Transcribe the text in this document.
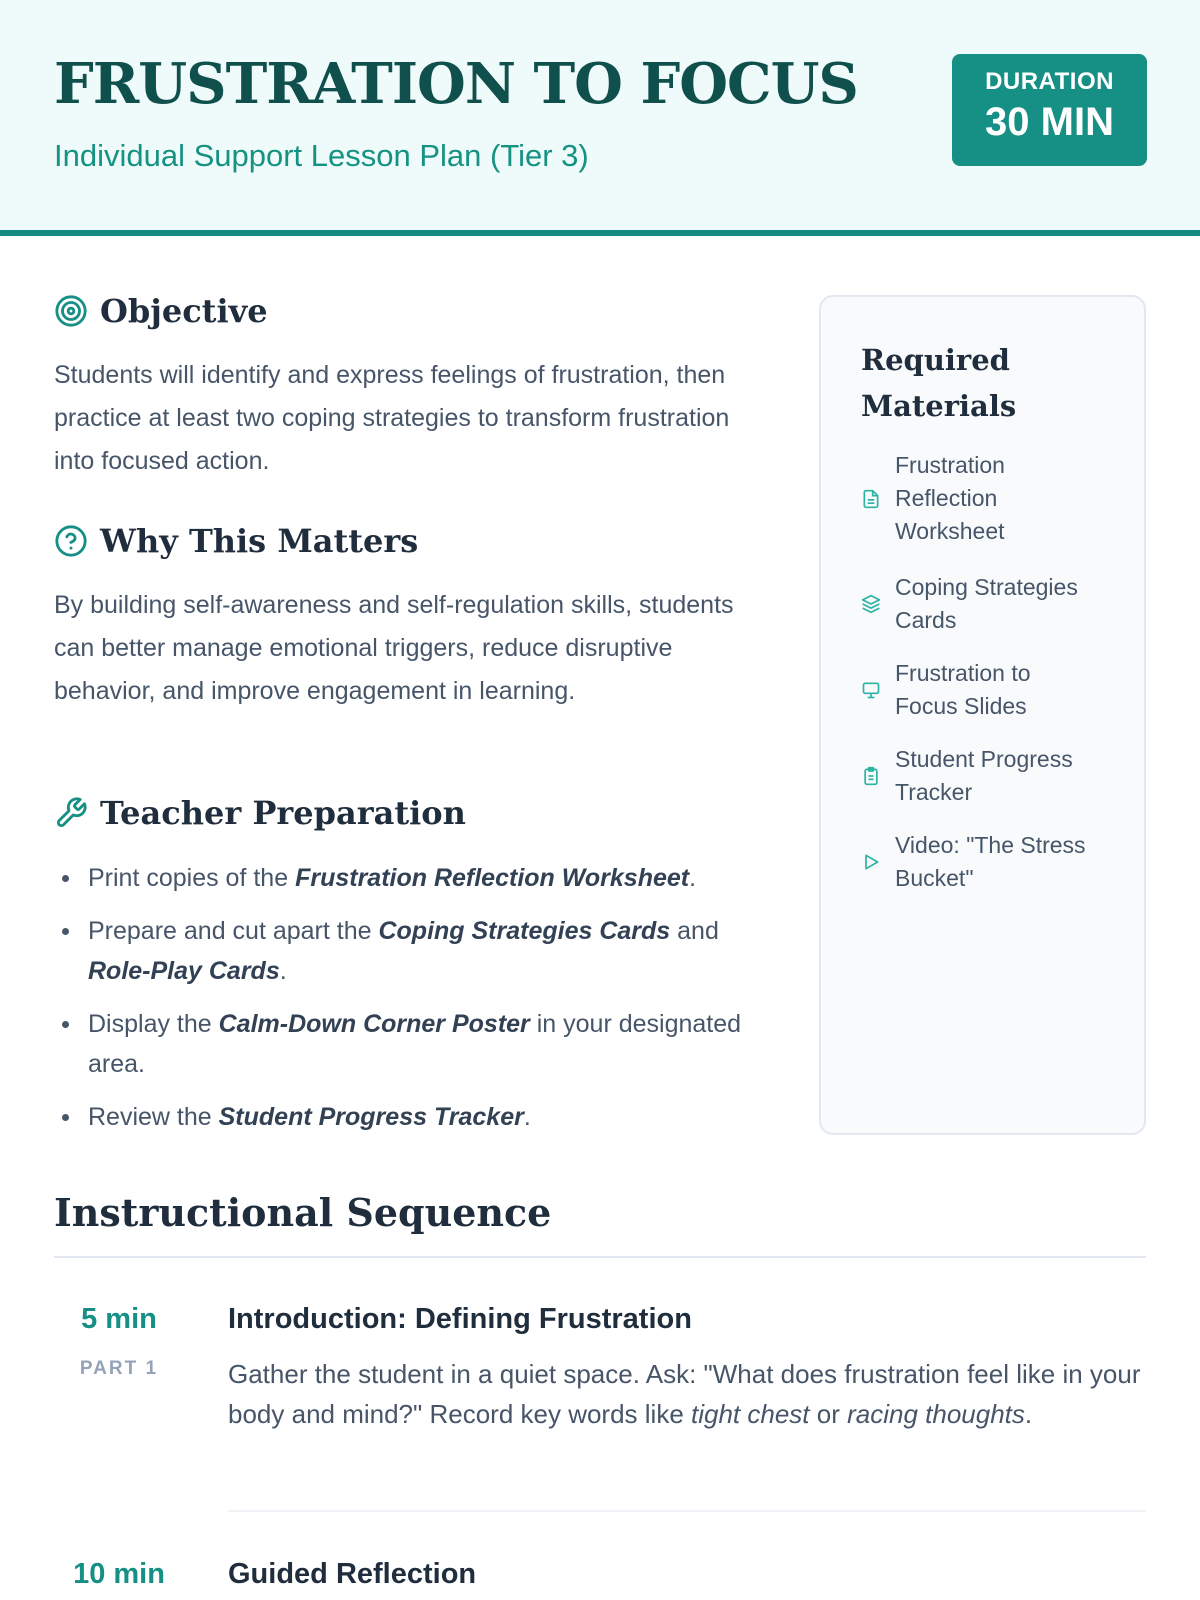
FRUSTRATION TO FOCUS
Individual Support Lesson Plan (Tier 3)
DURATION
30 MIN
Objective
Students will identify and express feelings of frustration, then practice at least two coping strategies to transform frustration into focused action.
Why This Matters
By building self-awareness and self-regulation skills, students can better manage emotional triggers, reduce disruptive behavior, and improve engagement in learning.
Teacher Preparation
Print copies of the Frustration Reflection Worksheet.
Prepare and cut apart the Coping Strategies Cards and Role-Play Cards.
Display the Calm-Down Corner Poster in your designated area.
Review the Student Progress Tracker.
Required Materials
Frustration Reflection Worksheet
Coping Strategies Cards
Frustration to Focus Slides
Student Progress Tracker
Video: "The Stress Bucket"
Instructional Sequence
5 min
PART 1
Introduction: Defining Frustration
Gather the student in a quiet space. Ask: "What does frustration feel like in your body and mind?" Record key words like tight chest or racing thoughts.
10 min	Guided Reflection
